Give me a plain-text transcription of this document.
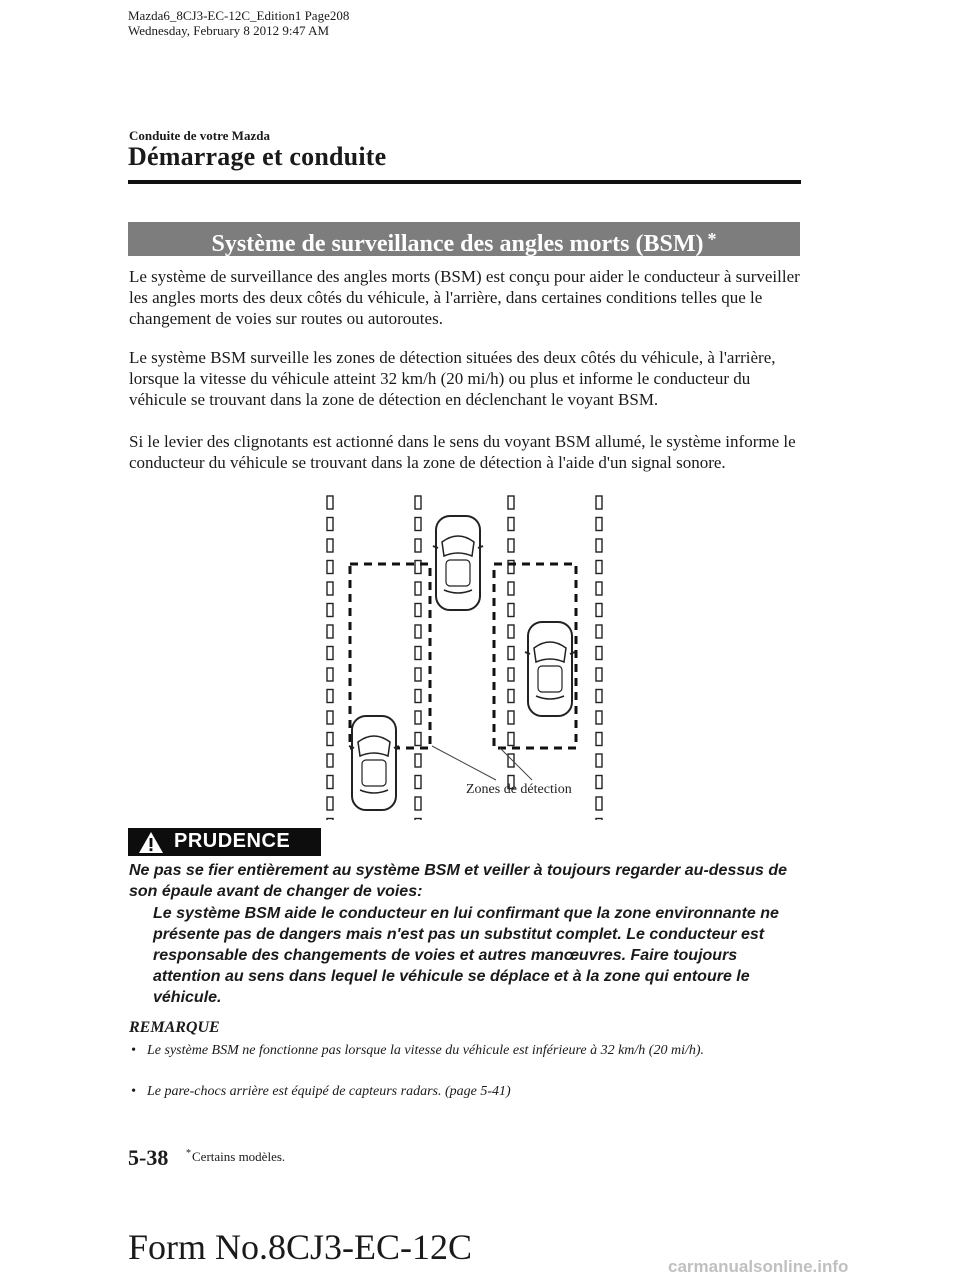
Mazda6_8CJ3-EC-12C_Edition1 Page208
Wednesday, February 8 2012 9:47 AM
Conduite de votre Mazda
Démarrage et conduite
Système de surveillance des angles morts (BSM) *
Le système de surveillance des angles morts (BSM) est conçu pour aider le conducteur à surveiller les angles morts des deux côtés du véhicule, à l'arrière, dans certaines conditions telles que le changement de voies sur routes ou autoroutes.
Le système BSM surveille les zones de détection situées des deux côtés du véhicule, à l'arrière, lorsque la vitesse du véhicule atteint 32 km/h (20 mi/h) ou plus et informe le conducteur du véhicule se trouvant dans la zone de détection en déclenchant le voyant BSM.
Si le levier des clignotants est actionné dans le sens du voyant BSM allumé, le système informe le conducteur du véhicule se trouvant dans la zone de détection à l'aide d'un signal sonore.
Zones de détection
PRUDENCE
Ne pas se fier entièrement au système BSM et veiller à toujours regarder au-dessus de son épaule avant de changer de voies:
Le système BSM aide le conducteur en lui confirmant que la zone environnante ne présente pas de dangers mais n'est pas un substitut complet. Le conducteur est responsable des changements de voies et autres manœuvres. Faire toujours attention au sens dans lequel le véhicule se déplace et à la zone qui entoure le véhicule.
REMARQUE
• Le système BSM ne fonctionne pas lorsque la vitesse du véhicule est inférieure à 32 km/h (20 mi/h).
• Le pare-chocs arrière est équipé de capteurs radars. (page 5-41)
5-38 *Certains modèles.
Form No.8CJ3-EC-12C	carmanualsonline.info
